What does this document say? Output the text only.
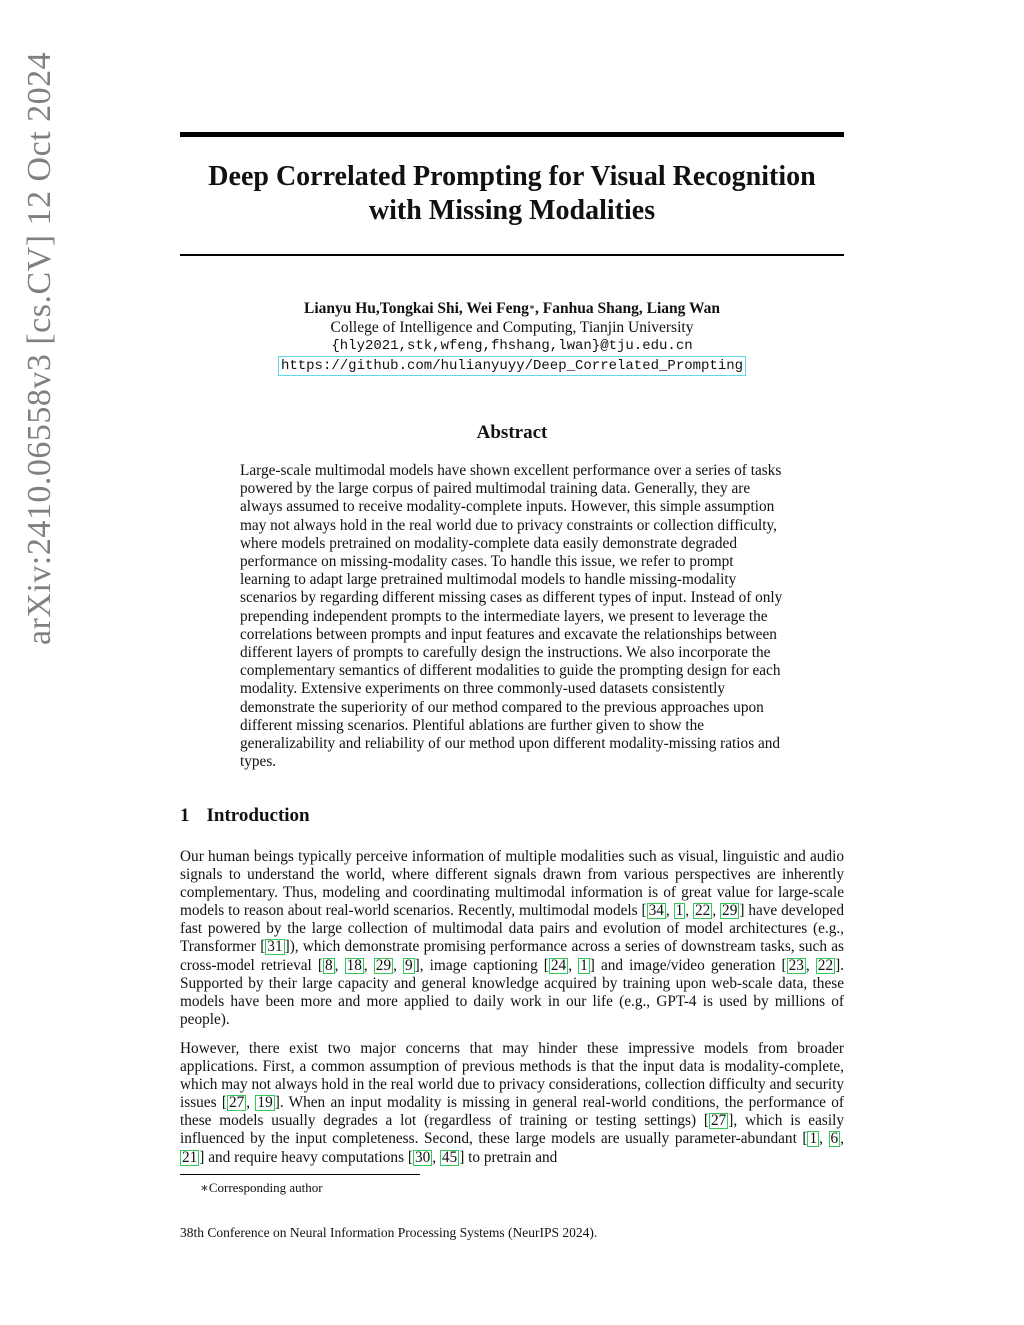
arXiv:2410.06558v3 [cs.CV] 12 Oct 2024	Deep Correlated Prompting for Visual Recognition
with Missing Modalities
Lianyu Hu,Tongkai Shi, Wei Feng∗, Fanhua Shang, Liang Wan
College of Intelligence and Computing, Tianjin University
{hly2021,stk,wfeng,fhshang,lwan}@tju.edu.cn
https://github.com/hulianyuyy/Deep_Correlated_Prompting
Abstract

Large-scale multimodal models have shown excellent performance over a series of tasks powered by the large corpus of paired multimodal training data. Generally, they are always assumed to receive modality-complete inputs. However, this simple assumption may not always hold in the real world due to privacy constraints or collection difficulty, where models pretrained on modality-complete data easily demonstrate degraded performance on missing-modality cases. To handle this issue, we refer to prompt learning to adapt large pretrained multimodal models to handle missing-modality scenarios by regarding different missing cases as different types of input. Instead of only prepending independent prompts to the intermediate layers, we present to leverage the correlations between prompts and input features and excavate the relationships between different layers of prompts to carefully design the instructions. We also incorporate the complementary semantics of different modalities to guide the prompting design for each modality. Extensive experiments on three commonly-used datasets consistently demonstrate the superiority of our method compared to the previous approaches upon different missing scenarios. Plentiful ablations are further given to show the generalizability and reliability of our method upon different modality-missing ratios and types.

1 Introduction

Our human beings typically perceive information of multiple modalities such as visual, linguistic and audio signals to understand the world, where different signals drawn from various perspectives are inherently complementary. Thus, modeling and coordinating multimodal information is of great value for large-scale models to reason about real-world scenarios. Recently, multimodal models [ 34 , 1 , 22 , 29 ] have developed fast powered by the large collection of multimodal data pairs and evolution of model architectures (e.g., Transformer [ 31 ]), which demonstrate promising performance across a series of downstream tasks, such as cross-model retrieval [ 8 , 18 , 29 , 9 ], image captioning [ 24 , 1 ] and image/video generation [ 23 , 22 ]. Supported by their large capacity and general knowledge acquired by training upon web-scale data, these models have been more and more applied to daily work in our life (e.g., GPT-4 is used by millions of people).

However, there exist two major concerns that may hinder these impressive models from broader applications. First, a common assumption of previous methods is that the input data is modality-complete, which may not always hold in the real world due to privacy considerations, collection difficulty and security issues [ 27 , 19 ]. When an input modality is missing in general real-world conditions, the performance of these models usually degrades a lot (regardless of training or testing settings) [ 27 ], which is easily influenced by the input completeness. Second, these large models are usually parameter-abundant [ 1 , 6 , 21 ] and require heavy computations [ 30 , 45 ] to pretrain and

∗Corresponding author
38th Conference on Neural Information Processing Systems (NeurIPS 2024).
